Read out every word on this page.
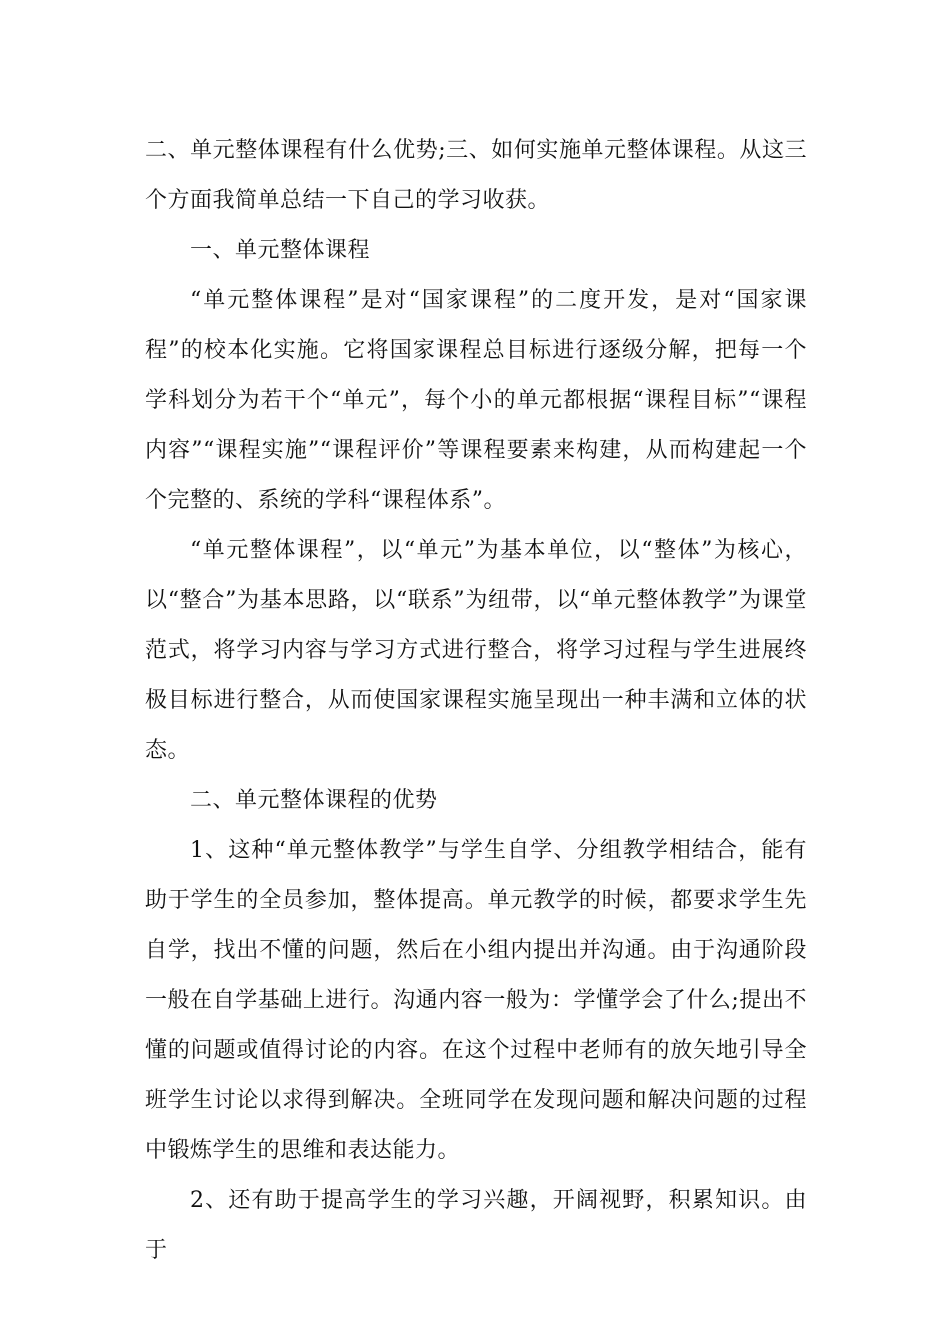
二、单元整体课程有什么优势;三、如何实施单元整体课程。从这三个方面我简单总结一下自己的学习收获。

一、单元整体课程

“单元整体课程”是对“国家课程”的二度开发，是对“国家课程”的校本化实施。它将国家课程总目标进行逐级分解，把每一个学科划分为若干个“单元”，每个小的单元都根据“课程目标”“课程内容”“课程实施”“课程评价”等课程要素来构建，从而构建起一个个完整的、系统的学科“课程体系”。

“单元整体课程”，以“单元”为基本单位，以“整体”为核心，以“整合”为基本思路，以“联系”为纽带，以“单元整体教学”为课堂范式，将学习内容与学习方式进行整合，将学习过程与学生进展终极目标进行整合，从而使国家课程实施呈现出一种丰满和立体的状态。

二、单元整体课程的优势

1、这种“单元整体教学”与学生自学、分组教学相结合，能有助于学生的全员参加，整体提高。单元教学的时候，都要求学生先自学，找出不懂的问题，然后在小组内提出并沟通。由于沟通阶段一般在自学基础上进行。沟通内容一般为：学懂学会了什么;提出不懂的问题或值得讨论的内容。在这个过程中老师有的放矢地引导全班学生讨论以求得到解决。全班同学在发现问题和解决问题的过程中锻炼学生的思维和表达能力。

2、还有助于提高学生的学习兴趣，开阔视野，积累知识。由于
